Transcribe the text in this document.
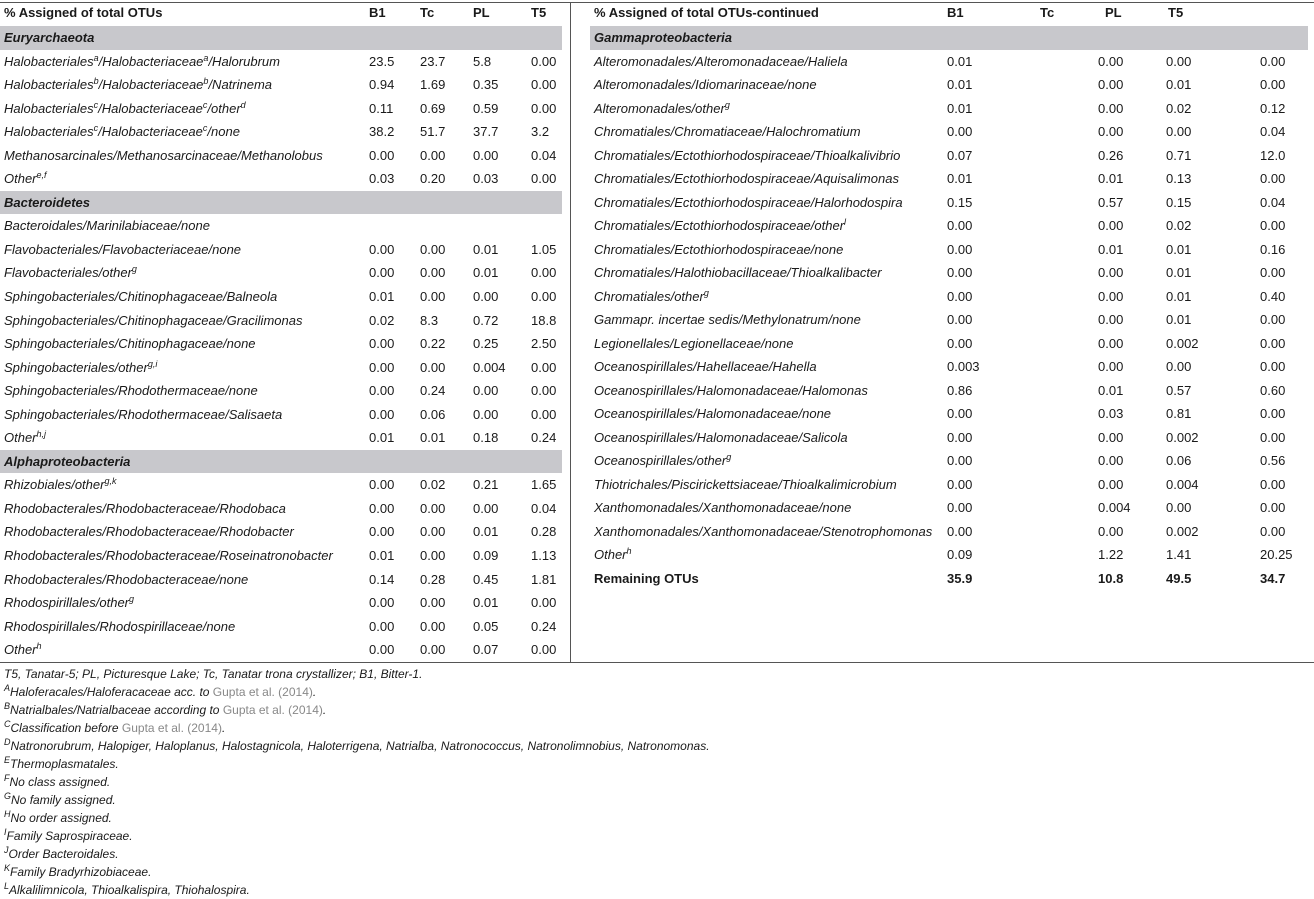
% Assigned of total OTUs	B1	Tc	PL	T5
Euryarchaeota
Halobacteriales$^a$/Halobacteriaceae$^a$/Halorubrum	23.5 23.7 5.8	0.00
Halobacteriales$^b$/Halobacteriaceae$^b$/Natrinema	0.94 1.69 0.35	0.00
Halobacteriales$^c$/Halobacteriaceae$^c$/other$^d$	0.11 0.69 0.59	0.00
Halobacteriales$^c$/Halobacteriaceae$^c$/none	38.2 51.7 37.7	3.2
Methanosarcinales/Methanosarcinaceae/Methanolobus	0.00 0.00 0.00	0.04
Other$^{e,f}$	0.03 0.20 0.03	0.00
Bacteroidetes
Bacteroidales/Marinilabiaceae/none
Flavobacteriales/Flavobacteriaceae/none	0.00 0.00 0.01	1.05
Flavobacteriales/other$^g$	0.00 0.00 0.01	0.00
Sphingobacteriales/Chitinophagaceae/Balneola	0.01 0.00 0.00	0.00
Sphingobacteriales/Chitinophagaceae/Gracilimonas	0.02 8.3	0.72	18.8
Sphingobacteriales/Chitinophagaceae/none	0.00 0.22 0.25	2.50
Sphingobacteriales/other$^{g,i}$	0.00 0.00 0.004 0.00
Sphingobacteriales/Rhodothermaceae/none	0.00 0.24 0.00	0.00
Sphingobacteriales/Rhodothermaceae/Salisaeta	0.00 0.06 0.00	0.00
Other$^{h,j}$	0.01 0.01 0.18	0.24
Alphaproteobacteria
Rhizobiales/other$^{g,k}$	0.00 0.02 0.21	1.65
Rhodobacterales/Rhodobacteraceae/Rhodobaca	0.00 0.00 0.00	0.04
Rhodobacterales/Rhodobacteraceae/Rhodobacter	0.00 0.00 0.01	0.28
Rhodobacterales/Rhodobacteraceae/Roseinatronobacter	0.01 0.00 0.09	1.13
Rhodobacterales/Rhodobacteraceae/none	0.14 0.28 0.45	1.81
Rhodospirillales/other$^g$	0.00 0.00 0.01	0.00
Rhodospirillales/Rhodospirillaceae/none	0.00 0.00 0.05	0.24
Other$^h$	0.00 0.00 0.07	0.00
% Assigned of total OTUs-continued	B1	Tc	PL	T5
Gammaproteobacteria
Alteromonadales/Alteromonadaceae/Haliela	0.01	0.00	0.00	0.00
Alteromonadales/Idiomarinaceae/none	0.01	0.00	0.01	0.00
Alteromonadales/other$^g$	0.01	0.00	0.02	0.12
Chromatiales/Chromatiaceae/Halochromatium	0.00	0.00	0.00	0.04
Chromatiales/Ectothiorhodospiraceae/Thioalkalivibrio	0.07	0.26	0.71	12.0
Chromatiales/Ectothiorhodospiraceae/Aquisalimonas	0.01	0.01	0.13	0.00
Chromatiales/Ectothiorhodospiraceae/Halorhodospira	0.15	0.57	0.15	0.04
Chromatiales/Ectothiorhodospiraceae/other$^l$	0.00	0.00	0.02	0.00
Chromatiales/Ectothiorhodospiraceae/none	0.00	0.01	0.01	0.16
Chromatiales/Halothiobacillaceae/Thioalkalibacter	0.00	0.00	0.01	0.00
Chromatiales/other$^g$	0.00	0.00	0.01	0.40
Gammapr. incertae sedis/Methylonatrum/none	0.00	0.00	0.01	0.00
Legionellales/Legionellaceae/none	0.00	0.00	0.002	0.00
Oceanospirillales/Hahellaceae/Hahella	0.003	0.00	0.00	0.00
Oceanospirillales/Halomonadaceae/Halomonas	0.86	0.01	0.57	0.60
Oceanospirillales/Halomonadaceae/none	0.00	0.03	0.81	0.00
Oceanospirillales/Halomonadaceae/Salicola	0.00	0.00	0.002	0.00
Oceanospirillales/other$^g$	0.00	0.00	0.06	0.56
Thiotrichales/Piscirickettsiaceae/Thioalkalimicrobium	0.00	0.00	0.004	0.00
Xanthomonadales/Xanthomonadaceae/none	0.00	0.004	0.00	0.00
Xanthomonadales/Xanthomonadaceae/Stenotrophomonas 0.00	0.00	0.002	0.00
Other$^h$	0.09	1.22	1.41	20.25
Remaining OTUs	35.9	10.8	49.5	34.7
T5, Tanatar-5; PL, Picturesque Lake; Tc, Tanatar trona crystallizer; B1, Bitter-1.
$^A$Haloferacales/Haloferacaceae acc. to Gupta et al. (2014).
$^B$Natrialbales/Natrialbaceae according to Gupta et al. (2014).
$^C$Classification before Gupta et al. (2014).
$^D$Natronorubrum, Halopiger, Haloplanus, Halostagnicola, Haloterrigena, Natrialba, Natronococcus, Natronolimnobius, Natronomonas.
$^E$Thermoplasmatales.
$^F$No class assigned.
$^G$No family assigned.
$^H$No order assigned.
$^I$Family Saprospiraceae.
$^J$Order Bacteroidales.
$^K$Family Bradyrhizobiaceae.
$^L$Alkalilimnicola, Thioalkalispira, Thiohalospira.
